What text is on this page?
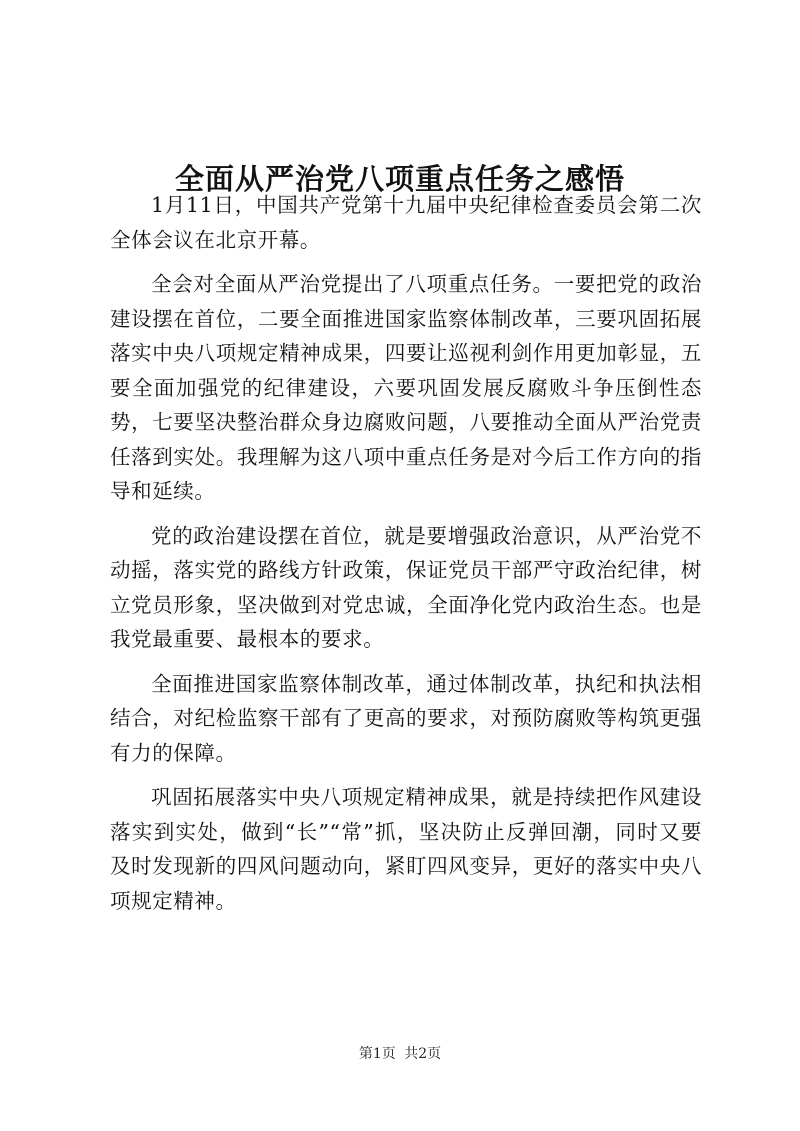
全面从严治党八项重点任务之感悟

1月11日，中国共产党第十九届中央纪律检查委员会第二次全体会议在北京开幕。

全会对全面从严治党提出了八项重点任务。一要把党的政治建设摆在首位，二要全面推进国家监察体制改革，三要巩固拓展落实中央八项规定精神成果，四要让巡视利剑作用更加彰显，五要全面加强党的纪律建设，六要巩固发展反腐败斗争压倒性态势，七要坚决整治群众身边腐败问题，八要推动全面从严治党责任落到实处。我理解为这八项中重点任务是对今后工作方向的指导和延续。

党的政治建设摆在首位，就是要增强政治意识，从严治党不动摇，落实党的路线方针政策，保证党员干部严守政治纪律，树立党员形象，坚决做到对党忠诚，全面净化党内政治生态。也是我党最重要、最根本的要求。

全面推进国家监察体制改革，通过体制改革，执纪和执法相结合，对纪检监察干部有了更高的要求，对预防腐败等构筑更强有力的保障。

巩固拓展落实中央八项规定精神成果，就是持续把作风建设落实到实处，做到“长”“常”抓，坚决防止反弹回潮，同时又要及时发现新的四风问题动向，紧盯四风变异，更好的落实中央八项规定精神。

第1页 共2页
